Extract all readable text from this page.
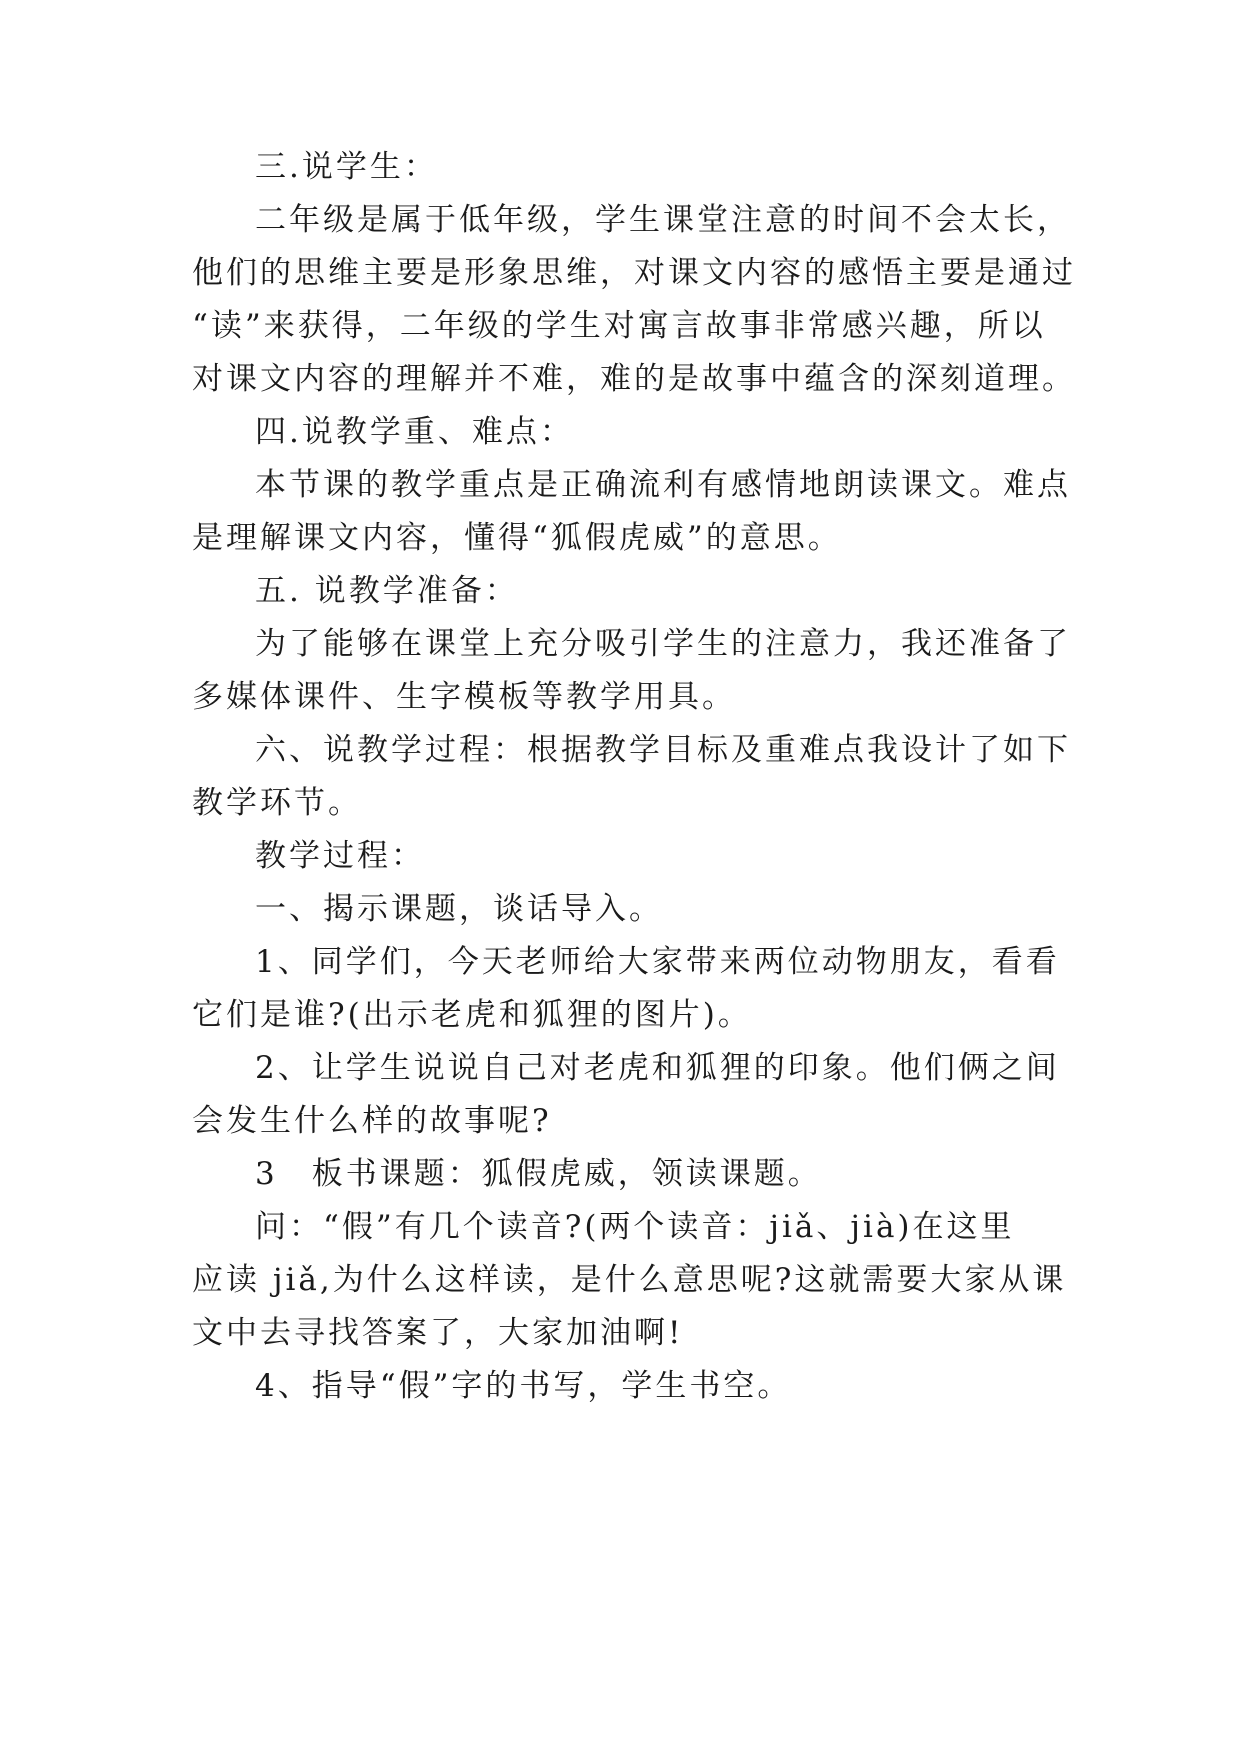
三.说学生：
二年级是属于低年级，学生课堂注意的时间不会太长，
他们的思维主要是形象思维，对课文内容的感悟主要是通过
“读”来获得，二年级的学生对寓言故事非常感兴趣，所以
对课文内容的理解并不难，难的是故事中蕴含的深刻道理。
四.说教学重、难点：
本节课的教学重点是正确流利有感情地朗读课文。难点
是理解课文内容，懂得“狐假虎威”的意思。
五. 说教学准备：
为了能够在课堂上充分吸引学生的注意力，我还准备了
多媒体课件、生字模板等教学用具。
六、说教学过程：根据教学目标及重难点我设计了如下
教学环节。
教学过程：
一、揭示课题，谈话导入。
1、同学们，今天老师给大家带来两位动物朋友，看看
它们是谁?(出示老虎和狐狸的图片)。
2、让学生说说自己对老虎和狐狸的印象。他们俩之间
会发生什么样的故事呢?
3　板书课题：狐假虎威，领读课题。
问：“假”有几个读音?(两个读音：jiǎ、jià)在这里
应读 jiǎ,为什么这样读，是什么意思呢?这就需要大家从课
文中去寻找答案了，大家加油啊!
4、指导“假”字的书写，学生书空。
